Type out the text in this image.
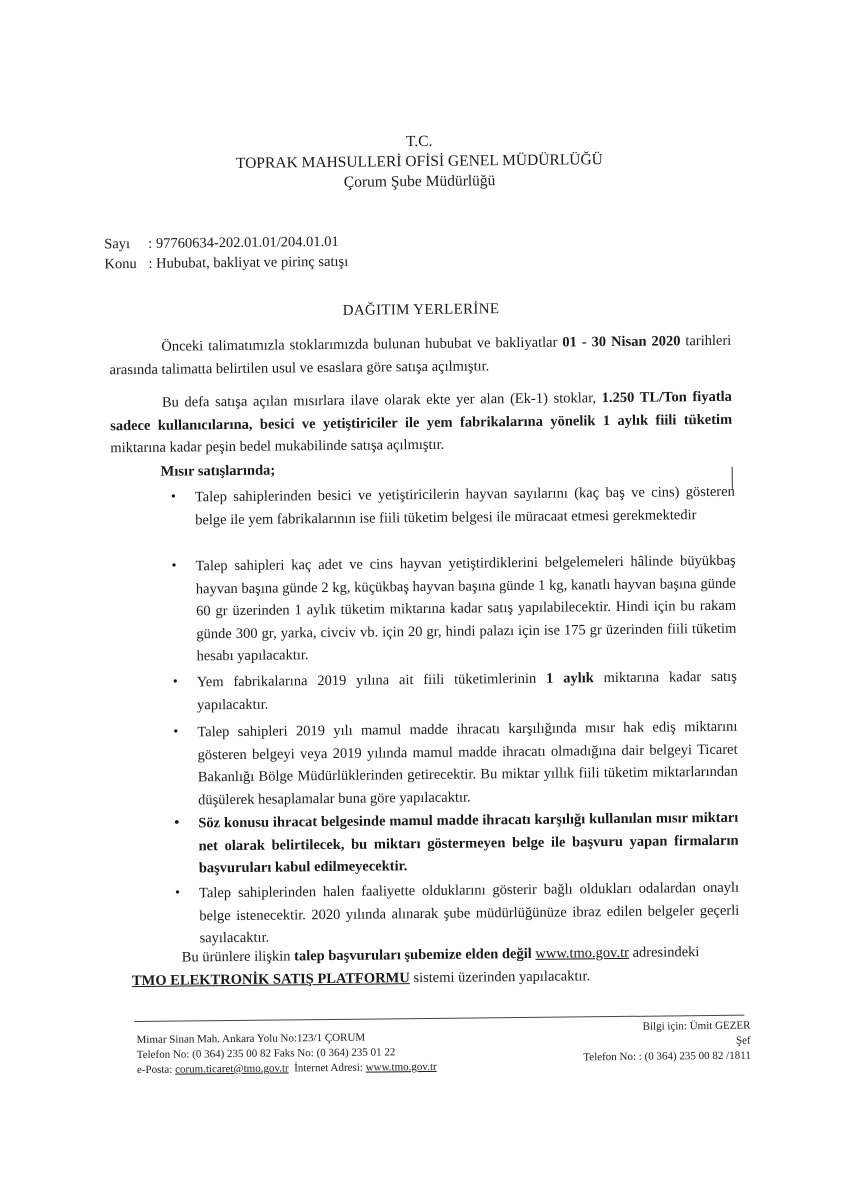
T.C.
TOPRAK MAHSULLERİ OFİSİ GENEL MÜDÜRLÜĞÜ
Çorum Şube Müdürlüğü
Sayı : 97760634-202.01.01/204.01.01
Konu : Hububat, bakliyat ve pirinç satışı
DAĞITIM YERLERİNE
Önceki talimatımızla stoklarımızda bulunan hububat ve bakliyatlar 01 - 30 Nisan 2020 tarihleri arasında talimatta belirtilen usul ve esaslara göre satışa açılmıştır.
Bu defa satışa açılan mısırlara ilave olarak ekte yer alan (Ek-1) stoklar, 1.250 TL/Ton fiyatla sadece kullanıcılarına, besici ve yetiştiriciler ile yem fabrikalarına yönelik 1 aylık fiili tüketim miktarına kadar peşin bedel mukabilinde satışa açılmıştır.
Mısır satışlarında;
• Talep sahiplerinden besici ve yetiştiricilerin hayvan sayılarını (kaç baş ve cins) gösteren belge ile yem fabrikalarının ise fiili tüketim belgesi ile müracaat etmesi gerekmektedir
• Talep sahipleri kaç adet ve cins hayvan yetiştirdiklerini belgelemeleri hâlinde büyükbaş hayvan başına günde 2 kg, küçükbaş hayvan başına günde 1 kg, kanatlı hayvan başına günde 60 gr üzerinden 1 aylık tüketim miktarına kadar satış yapılabilecektir. Hindi için bu rakam günde 300 gr, yarka, civciv vb. için 20 gr, hindi palazı için ise 175 gr üzerinden fiili tüketim hesabı yapılacaktır.
• Yem fabrikalarına 2019 yılına ait fiili tüketimlerinin 1 aylık miktarına kadar satış yapılacaktır.
• Talep sahipleri 2019 yılı mamul madde ihracatı karşılığında mısır hak ediş miktarını gösteren belgeyi veya 2019 yılında mamul madde ihracatı olmadığına dair belgeyi Ticaret Bakanlığı Bölge Müdürlüklerinden getirecektir. Bu miktar yıllık fiili tüketim miktarlarından düşülerek hesaplamalar buna göre yapılacaktır.
• Söz konusu ihracat belgesinde mamul madde ihracatı karşılığı kullanılan mısır miktarı net olarak belirtilecek, bu miktarı göstermeyen belge ile başvuru yapan firmaların başvuruları kabul edilmeyecektir.
• Talep sahiplerinden halen faaliyette olduklarını gösterir bağlı oldukları odalardan onaylı belge istenecektir. 2020 yılında alınarak şube müdürlüğünüze ibraz edilen belgeler geçerli sayılacaktır.
Bu ürünlere ilişkin talep başvuruları şubemize elden değil www.tmo.gov.tr adresindeki
TMO ELEKTRONİK SATIŞ PLATFORMU sistemi üzerinden yapılacaktır.
Mimar Sinan Mah. Ankara Yolu No:123/1 ÇORUM
Telefon No: (0 364) 235 00 82 Faks No: (0 364) 235 01 22
e-Posta: corum.ticaret@tmo.gov.tr İnternet Adresi: www.tmo.gov.tr
Bilgi için: Ümit GEZER
Şef
Telefon No: : (0 364) 235 00 82 /1811
